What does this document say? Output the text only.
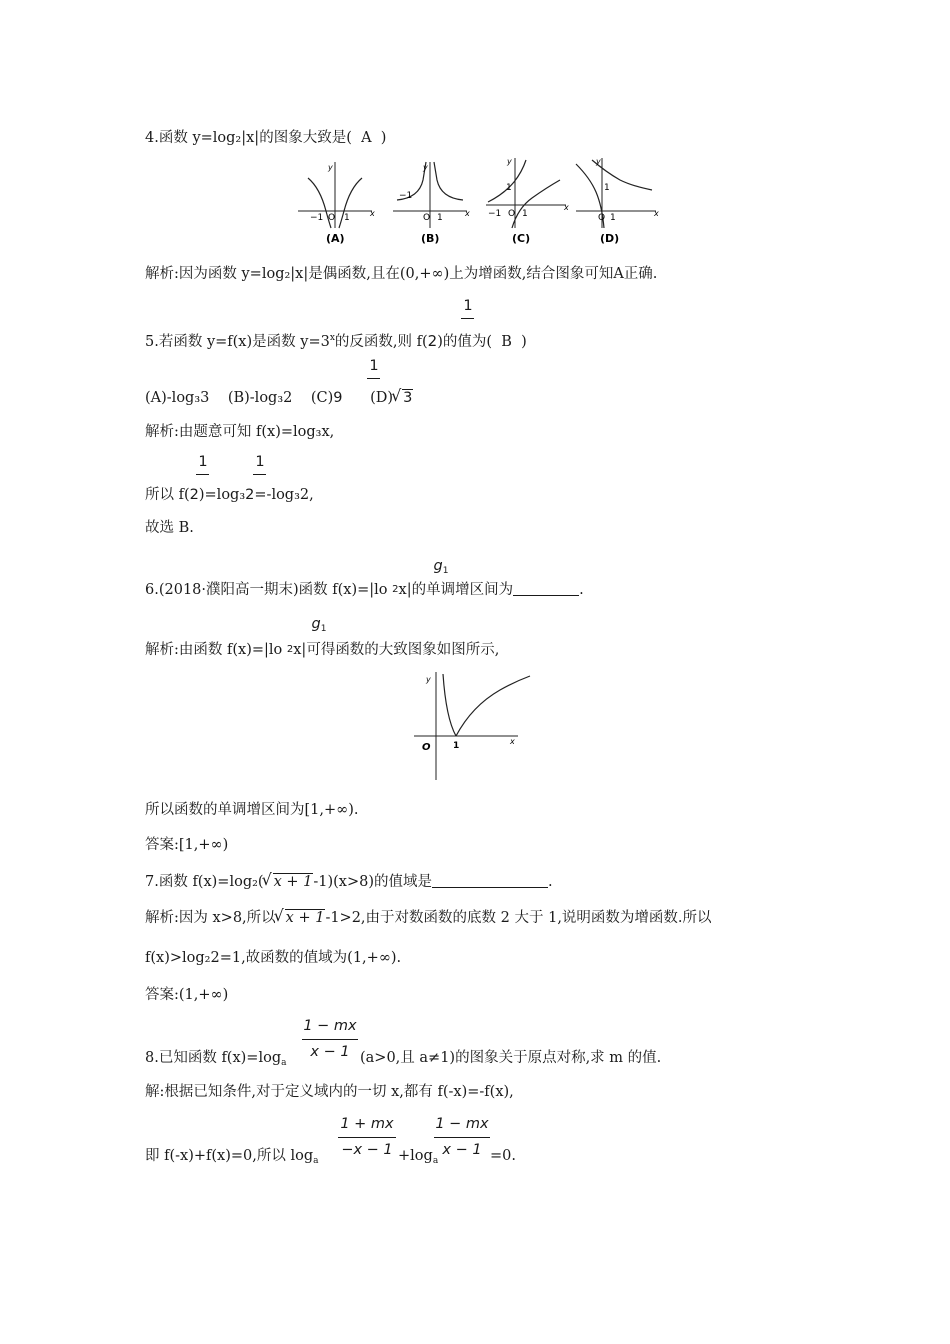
4.函数 y=log₂|x|的图象大致是( A )
−1 O 1	x
y
(A)
−1
O 1	x
y
(B)
1
−1 O 1
x
y
(C)
1
O 1	x
y
(D)
解析:因为函数 y=log₂|x|是偶函数,且在(0,+∞)上为增函数,结合图象可知A正确.
1
5.若函数 y=f(x)是函数 $y=3^x$的反函数,则 f(2)的值为( B )
1
(A)-log₃3 (B)-log₃2 (C)9 (D) √ 3
解析:由题意可知 f(x)=log₃x,
1	1
所以 f(2)=log₃2=-log₃2,
故选 B.
$g_1$
6.(2018·濮阳高一期末)函数 f(x)=|lo 2x|的单调增区间为	.
$g_1$
解析:由函数 f(x)=|lo 2x|可得函数的大致图象如图所示,
y
x
O 1
所以函数的单调增区间为[1,+∞).
答案:[1,+∞)
7.函数 f(x)=log₂( √ x + 1-1)(x>8)的值域是	.
解析:因为 x>8,所以 √ x + 1-1>2,由于对数函数的底数 2 大于 1,说明函数为增函数.所以
f(x)>log₂2=1,故函数的值域为(1,+∞).
答案:(1,+∞)
1 − mx
x − 1
8.已知函数 $f(x)=\log_a$	(a>0,且 a≠1)的图象关于原点对称,求 m 的值.
解:根据已知条件,对于定义域内的一切 x,都有 f(-x)=-f(x),
1 + mx
−x − 1
1 − mx
x − 1
即 f(-x)+f(x)=0,所以 $\log_a$	$+\log_a$	=0.
